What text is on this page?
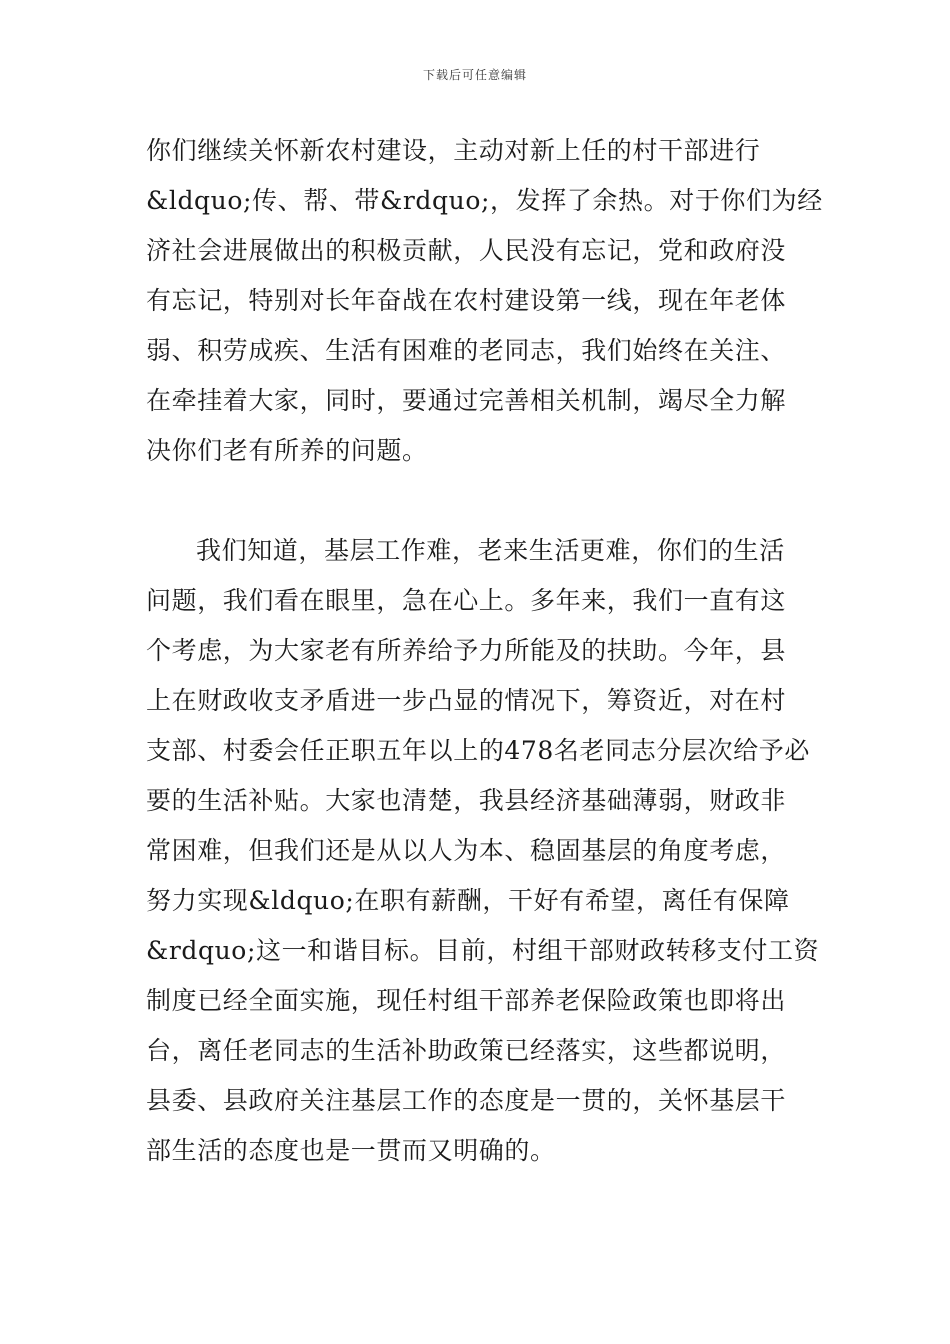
下载后可任意编辑
你们继续关怀新农村建设，主动对新上任的村干部进行
&ldquo;传、帮、带&rdquo;，发挥了余热。对于你们为经
济社会进展做出的积极贡献，人民没有忘记，党和政府没
有忘记，特别对长年奋战在农村建设第一线，现在年老体
弱、积劳成疾、生活有困难的老同志，我们始终在关注、
在牵挂着大家，同时，要通过完善相关机制，竭尽全力解
决你们老有所养的问题。
我们知道，基层工作难，老来生活更难，你们的生活
问题，我们看在眼里，急在心上。多年来，我们一直有这
个考虑，为大家老有所养给予力所能及的扶助。今年，县
上在财政收支矛盾进一步凸显的情况下，筹资近，对在村
支部、村委会任正职五年以上的478名老同志分层次给予必
要的生活补贴。大家也清楚，我县经济基础薄弱，财政非
常困难，但我们还是从以人为本、稳固基层的角度考虑，
努力实现&ldquo;在职有薪酬，干好有希望，离任有保障
&rdquo;这一和谐目标。目前，村组干部财政转移支付工资
制度已经全面实施，现任村组干部养老保险政策也即将出
台，离任老同志的生活补助政策已经落实，这些都说明，
县委、县政府关注基层工作的态度是一贯的，关怀基层干
部生活的态度也是一贯而又明确的。
